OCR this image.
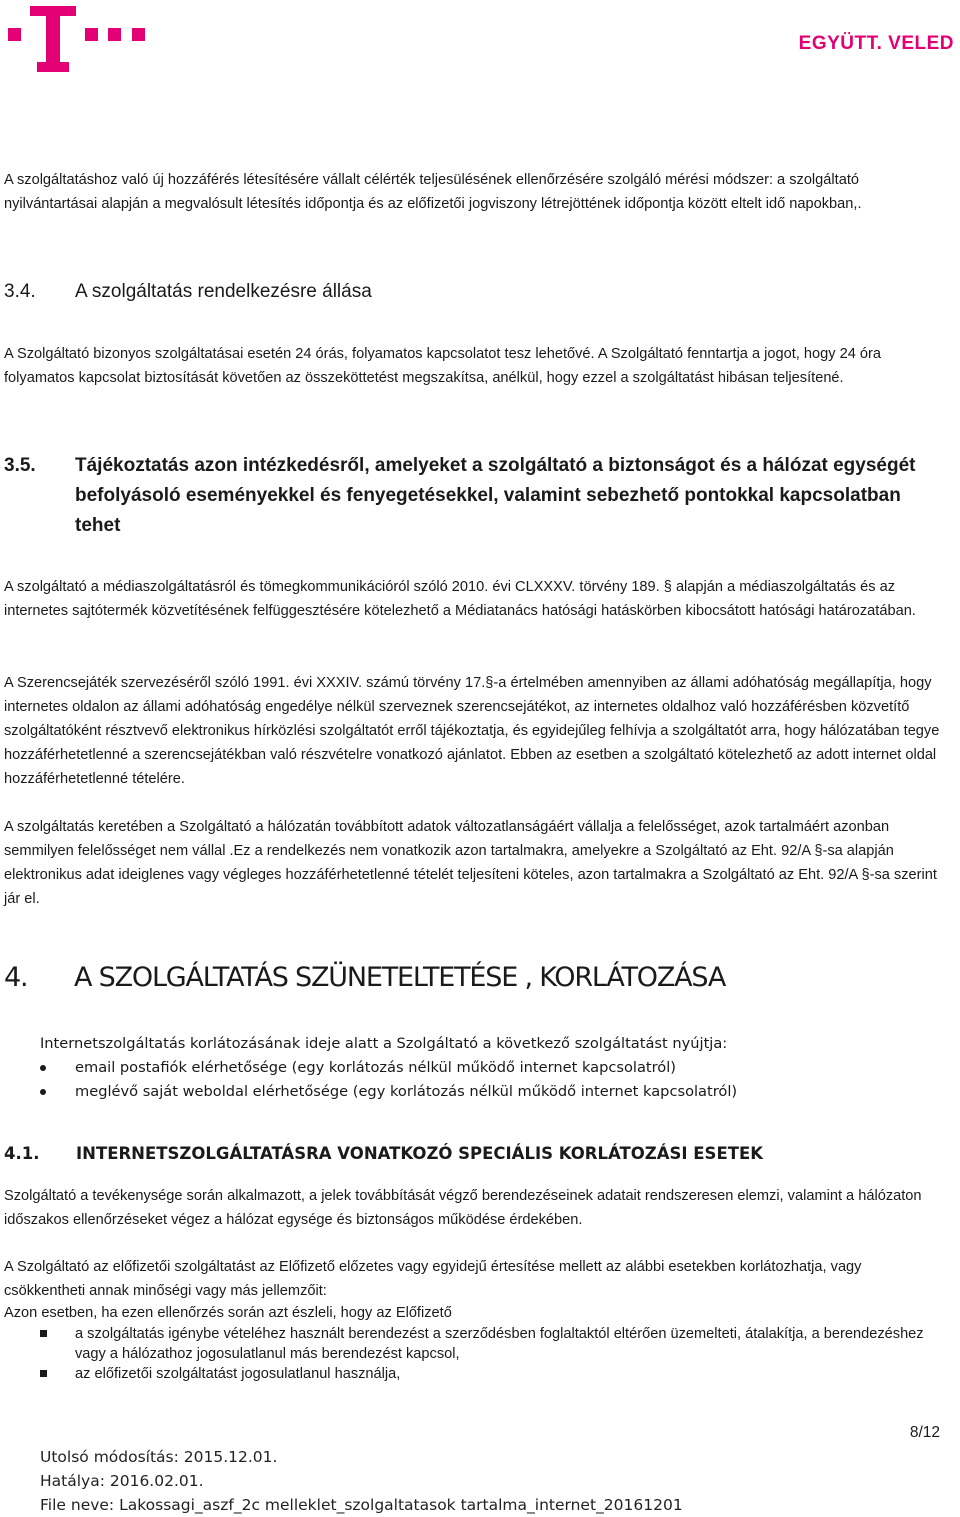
EGYÜTT. VELED

A szolgáltatáshoz való új hozzáférés létesítésére vállalt célérték teljesülésének ellenőrzésére szolgáló mérési módszer: a szolgáltató nyilvántartásai alapján a megvalósult létesítés időpontja és az előfizetői jogviszony létrejöttének időpontja között eltelt idő napokban,.

3.4. A szolgáltatás rendelkezésre állása

A Szolgáltató bizonyos szolgáltatásai esetén 24 órás, folyamatos kapcsolatot tesz lehetővé. A Szolgáltató fenntartja a jogot, hogy 24 óra folyamatos kapcsolat biztosítását követően az összeköttetést megszakítsa, anélkül, hogy ezzel a szolgáltatást hibásan teljesítené.

3.5. Tájékoztatás azon intézkedésről, amelyeket a szolgáltató a biztonságot és a hálózat egységét befolyásoló eseményekkel és fenyegetésekkel, valamint sebezhető pontokkal kapcsolatban tehet

A szolgáltató a médiaszolgáltatásról és tömegkommunikációról szóló 2010. évi CLXXXV. törvény 189. § alapján a médiaszolgáltatás és az internetes sajtótermék közvetítésének felfüggesztésére kötelezhető a Médiatanács hatósági hatáskörben kibocsátott hatósági határozatában.

A Szerencsejáték szervezéséről szóló 1991. évi XXXIV. számú törvény 17.§-a értelmében amennyiben az állami adóhatóság megállapítja, hogy internetes oldalon az állami adóhatóság engedélye nélkül szerveznek szerencsejátékot, az internetes oldalhoz való hozzáférésben közvetítő szolgáltatóként résztvevő elektronikus hírközlési szolgáltatót erről tájékoztatja, és egyidejűleg felhívja a szolgáltatót arra, hogy hálózatában tegye hozzáférhetetlenné a szerencsejátékban való részvételre vonatkozó ajánlatot. Ebben az esetben a szolgáltató kötelezhető az adott internet oldal hozzáférhetetlenné tételére.

A szolgáltatás keretében a Szolgáltató a hálózatán továbbított adatok változatlanságáért vállalja a felelősséget, azok tartalmáért azonban semmilyen felelősséget nem vállal .Ez a rendelkezés nem vonatkozik azon tartalmakra, amelyekre a Szolgáltató az Eht. 92/A §-sa alapján elektronikus adat ideiglenes vagy végleges hozzáférhetetlenné tételét teljesíteni köteles, azon tartalmakra a Szolgáltató az Eht. 92/A §-sa szerint jár el.

4. A SZOLGÁLTATÁS SZÜNETELTETÉSE , KORLÁTOZÁSA

Internetszolgáltatás korlátozásának ideje alatt a Szolgáltató a következő szolgáltatást nyújtja:

email postafiók elérhetősége (egy korlátozás nélkül működő internet kapcsolatról)
meglévő saját weboldal elérhetősége (egy korlátozás nélkül működő internet kapcsolatról)
4.1. INTERNETSZOLGÁLTATÁSRA VONATKOZÓ SPECIÁLIS KORLÁTOZÁSI ESETEK

Szolgáltató a tevékenysége során alkalmazott, a jelek továbbítását végző berendezéseinek adatait rendszeresen elemzi, valamint a hálózaton időszakos ellenőrzéseket végez a hálózat egysége és biztonságos működése érdekében.

A Szolgáltató az előfizetői szolgáltatást az Előfizető előzetes vagy egyidejű értesítése mellett az alábbi esetekben korlátozhatja, vagy csökkentheti annak minőségi vagy más jellemzőit:

Azon esetben, ha ezen ellenőrzés során azt észleli, hogy az Előfizető

a szolgáltatás igénybe vételéhez használt berendezést a szerződésben foglaltaktól eltérően üzemelteti, átalakítja, a berendezéshez vagy a hálózathoz jogosulatlanul más berendezést kapcsol,
az előfizetői szolgáltatást jogosulatlanul használja,

8/12

Utolsó módosítás: 2015.12.01.
Hatálya: 2016.02.01.
File neve: Lakossagi_aszf_2c melleklet_szolgaltatasok tartalma_internet_20161201
